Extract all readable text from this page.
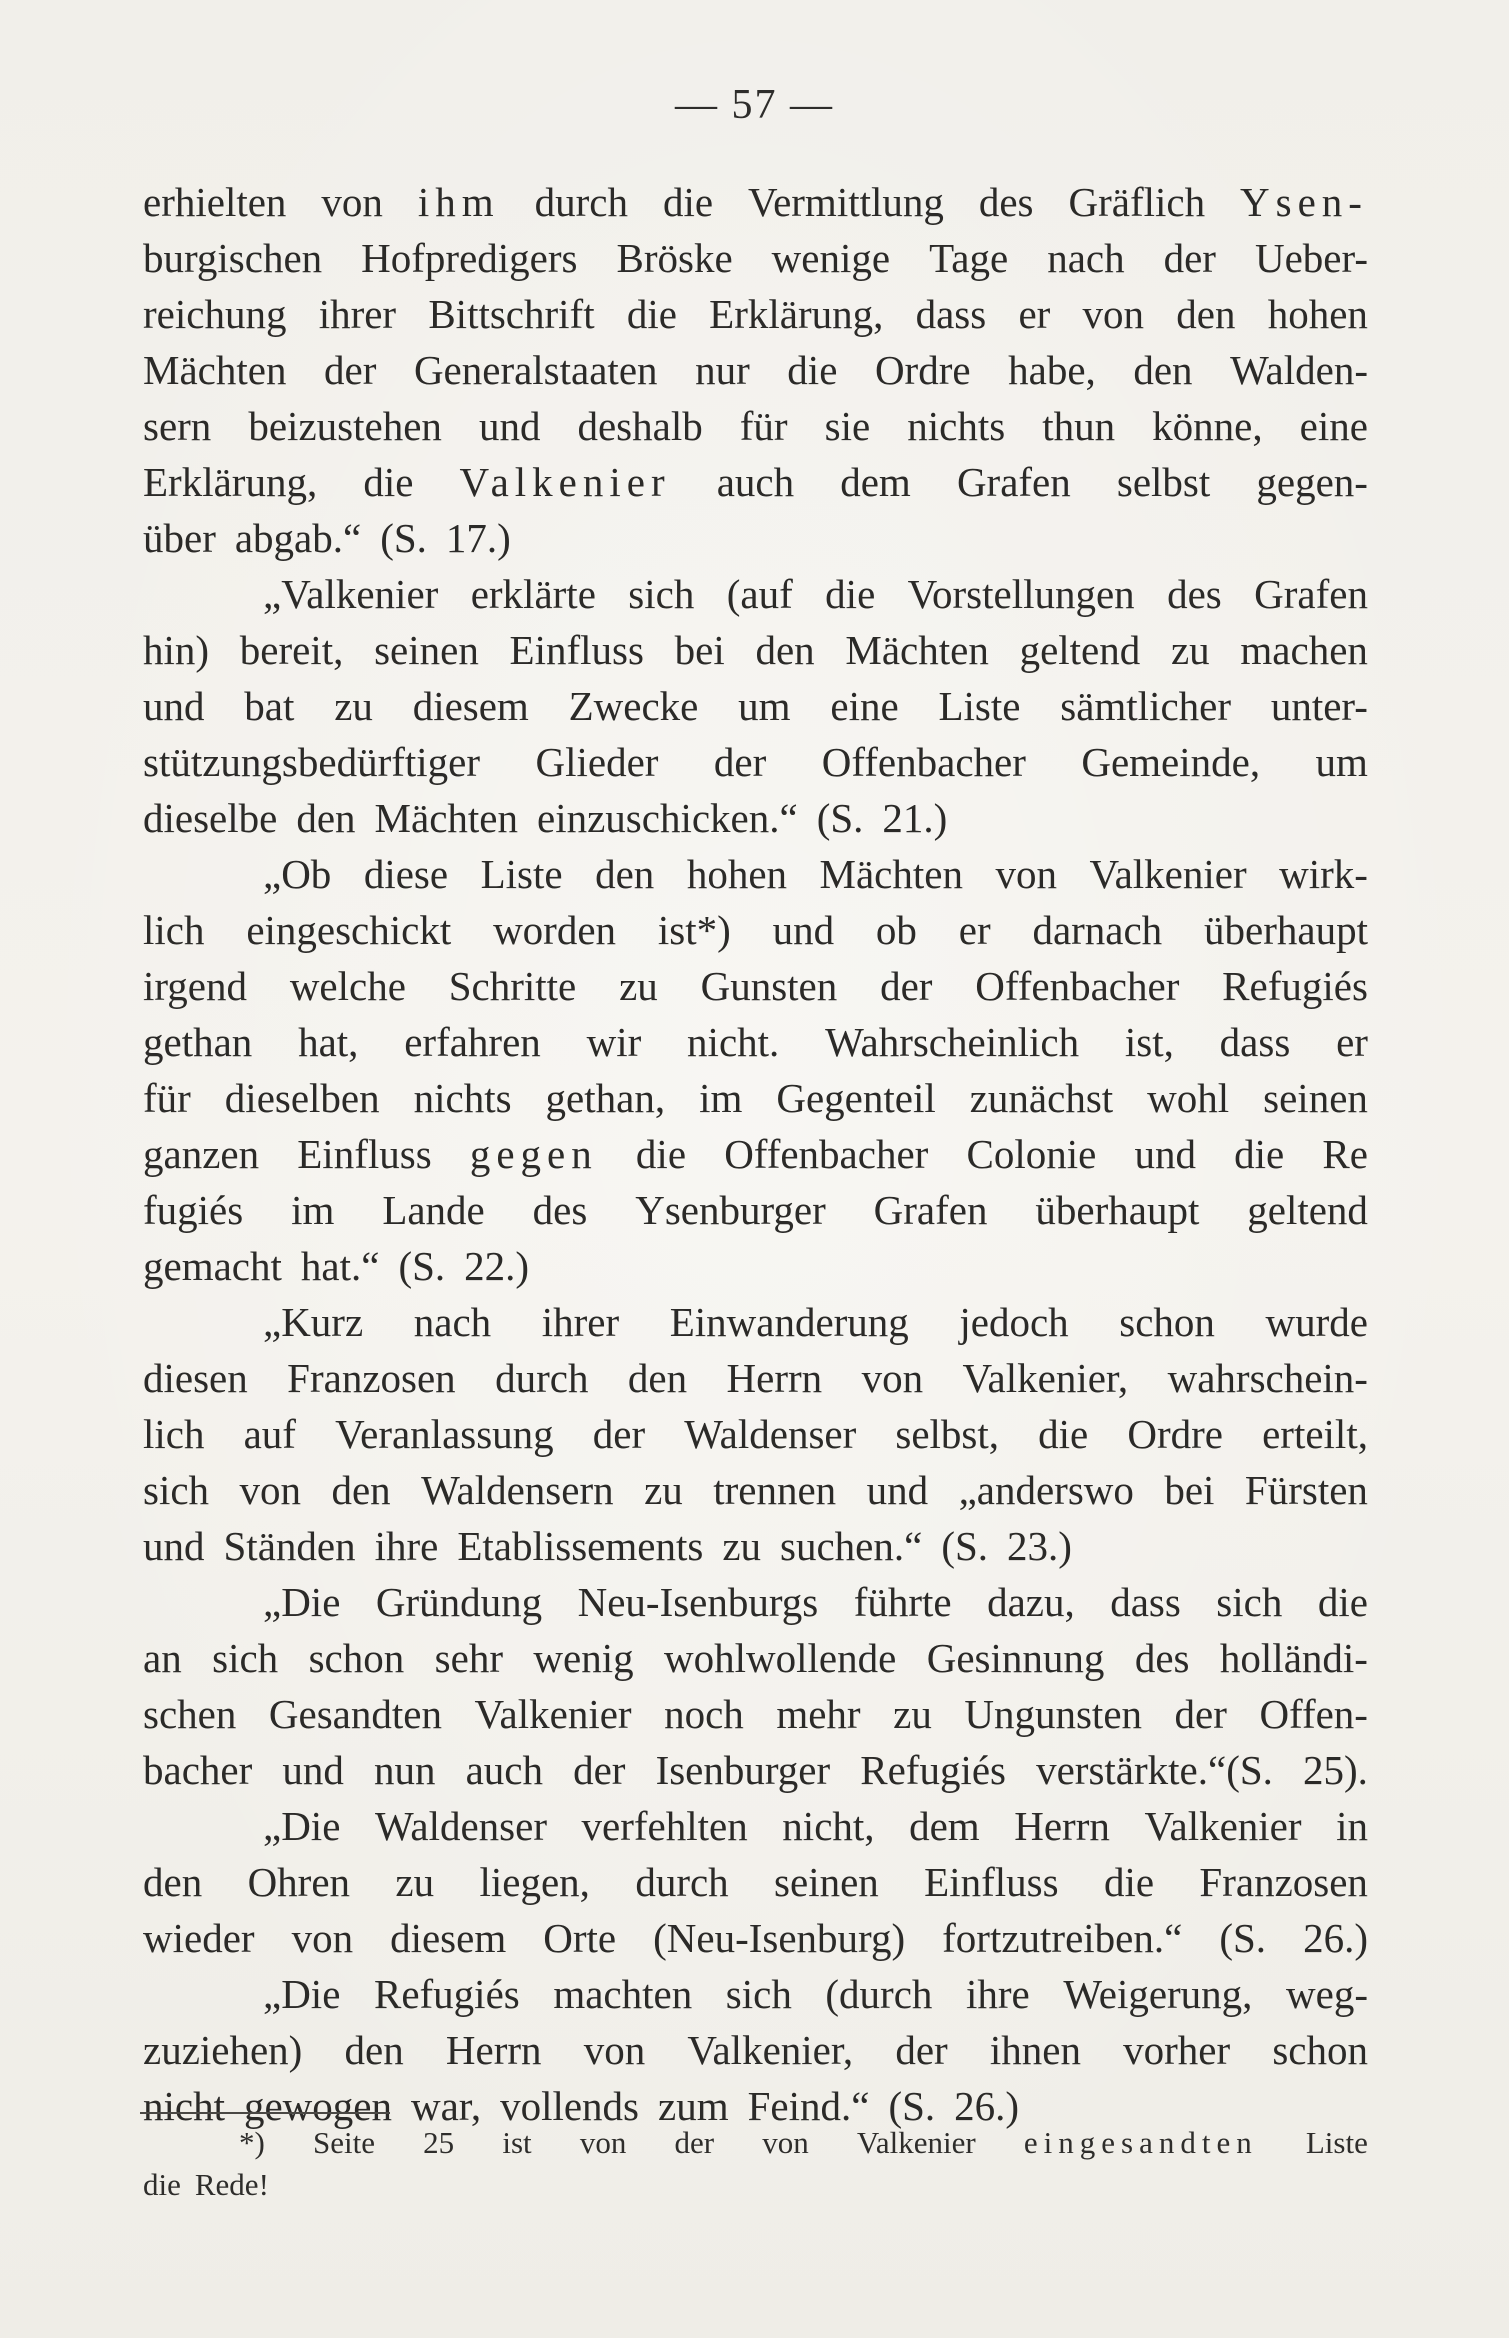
— 57 —
erhielten von ihm durch die Vermittlung des Gräflich Ysen-
burgischen Hofpredigers Bröske wenige Tage nach der Ueber-
reichung ihrer Bittschrift die Erklärung, dass er von den hohen
Mächten der Generalstaaten nur die Ordre habe, den Walden-
sern beizustehen und deshalb für sie nichts thun könne, eine
Erklärung, die Valkenier auch dem Grafen selbst gegen-
über abgab.“ (S. 17.)
„Valkenier erklärte sich (auf die Vorstellungen des Grafen
hin) bereit, seinen Einfluss bei den Mächten geltend zu machen
und bat zu diesem Zwecke um eine Liste sämtlicher unter-
stützungsbedürftiger Glieder der Offenbacher Gemeinde, um
dieselbe den Mächten einzuschicken.“ (S. 21.)
„Ob diese Liste den hohen Mächten von Valkenier wirk-
lich eingeschickt worden ist*) und ob er darnach überhaupt
irgend welche Schritte zu Gunsten der Offenbacher Refugiés
gethan hat, erfahren wir nicht. Wahrscheinlich ist, dass er
für dieselben nichts gethan, im Gegenteil zunächst wohl seinen
ganzen Einfluss gegen die Offenbacher Colonie und die Re
fugiés im Lande des Ysenburger Grafen überhaupt geltend
gemacht hat.“ (S. 22.)
„Kurz nach ihrer Einwanderung jedoch schon wurde
diesen Franzosen durch den Herrn von Valkenier, wahrschein-
lich auf Veranlassung der Waldenser selbst, die Ordre erteilt,
sich von den Waldensern zu trennen und „anderswo bei Fürsten
und Ständen ihre Etablissements zu suchen.“ (S. 23.)
„Die Gründung Neu-Isenburgs führte dazu, dass sich die
an sich schon sehr wenig wohlwollende Gesinnung des holländi-
schen Gesandten Valkenier noch mehr zu Ungunsten der Offen-
bacher und nun auch der Isenburger Refugiés verstärkte.“(S. 25).
„Die Waldenser verfehlten nicht, dem Herrn Valkenier in
den Ohren zu liegen, durch seinen Einfluss die Franzosen
wieder von diesem Orte (Neu-Isenburg) fortzutreiben.“ (S. 26.)
„Die Refugiés machten sich (durch ihre Weigerung, weg-
zuziehen) den Herrn von Valkenier, der ihnen vorher schon
nicht gewogen war, vollends zum Feind.“ (S. 26.)
*) Seite 25 ist von der von Valkenier eingesandten Liste
die Rede!
